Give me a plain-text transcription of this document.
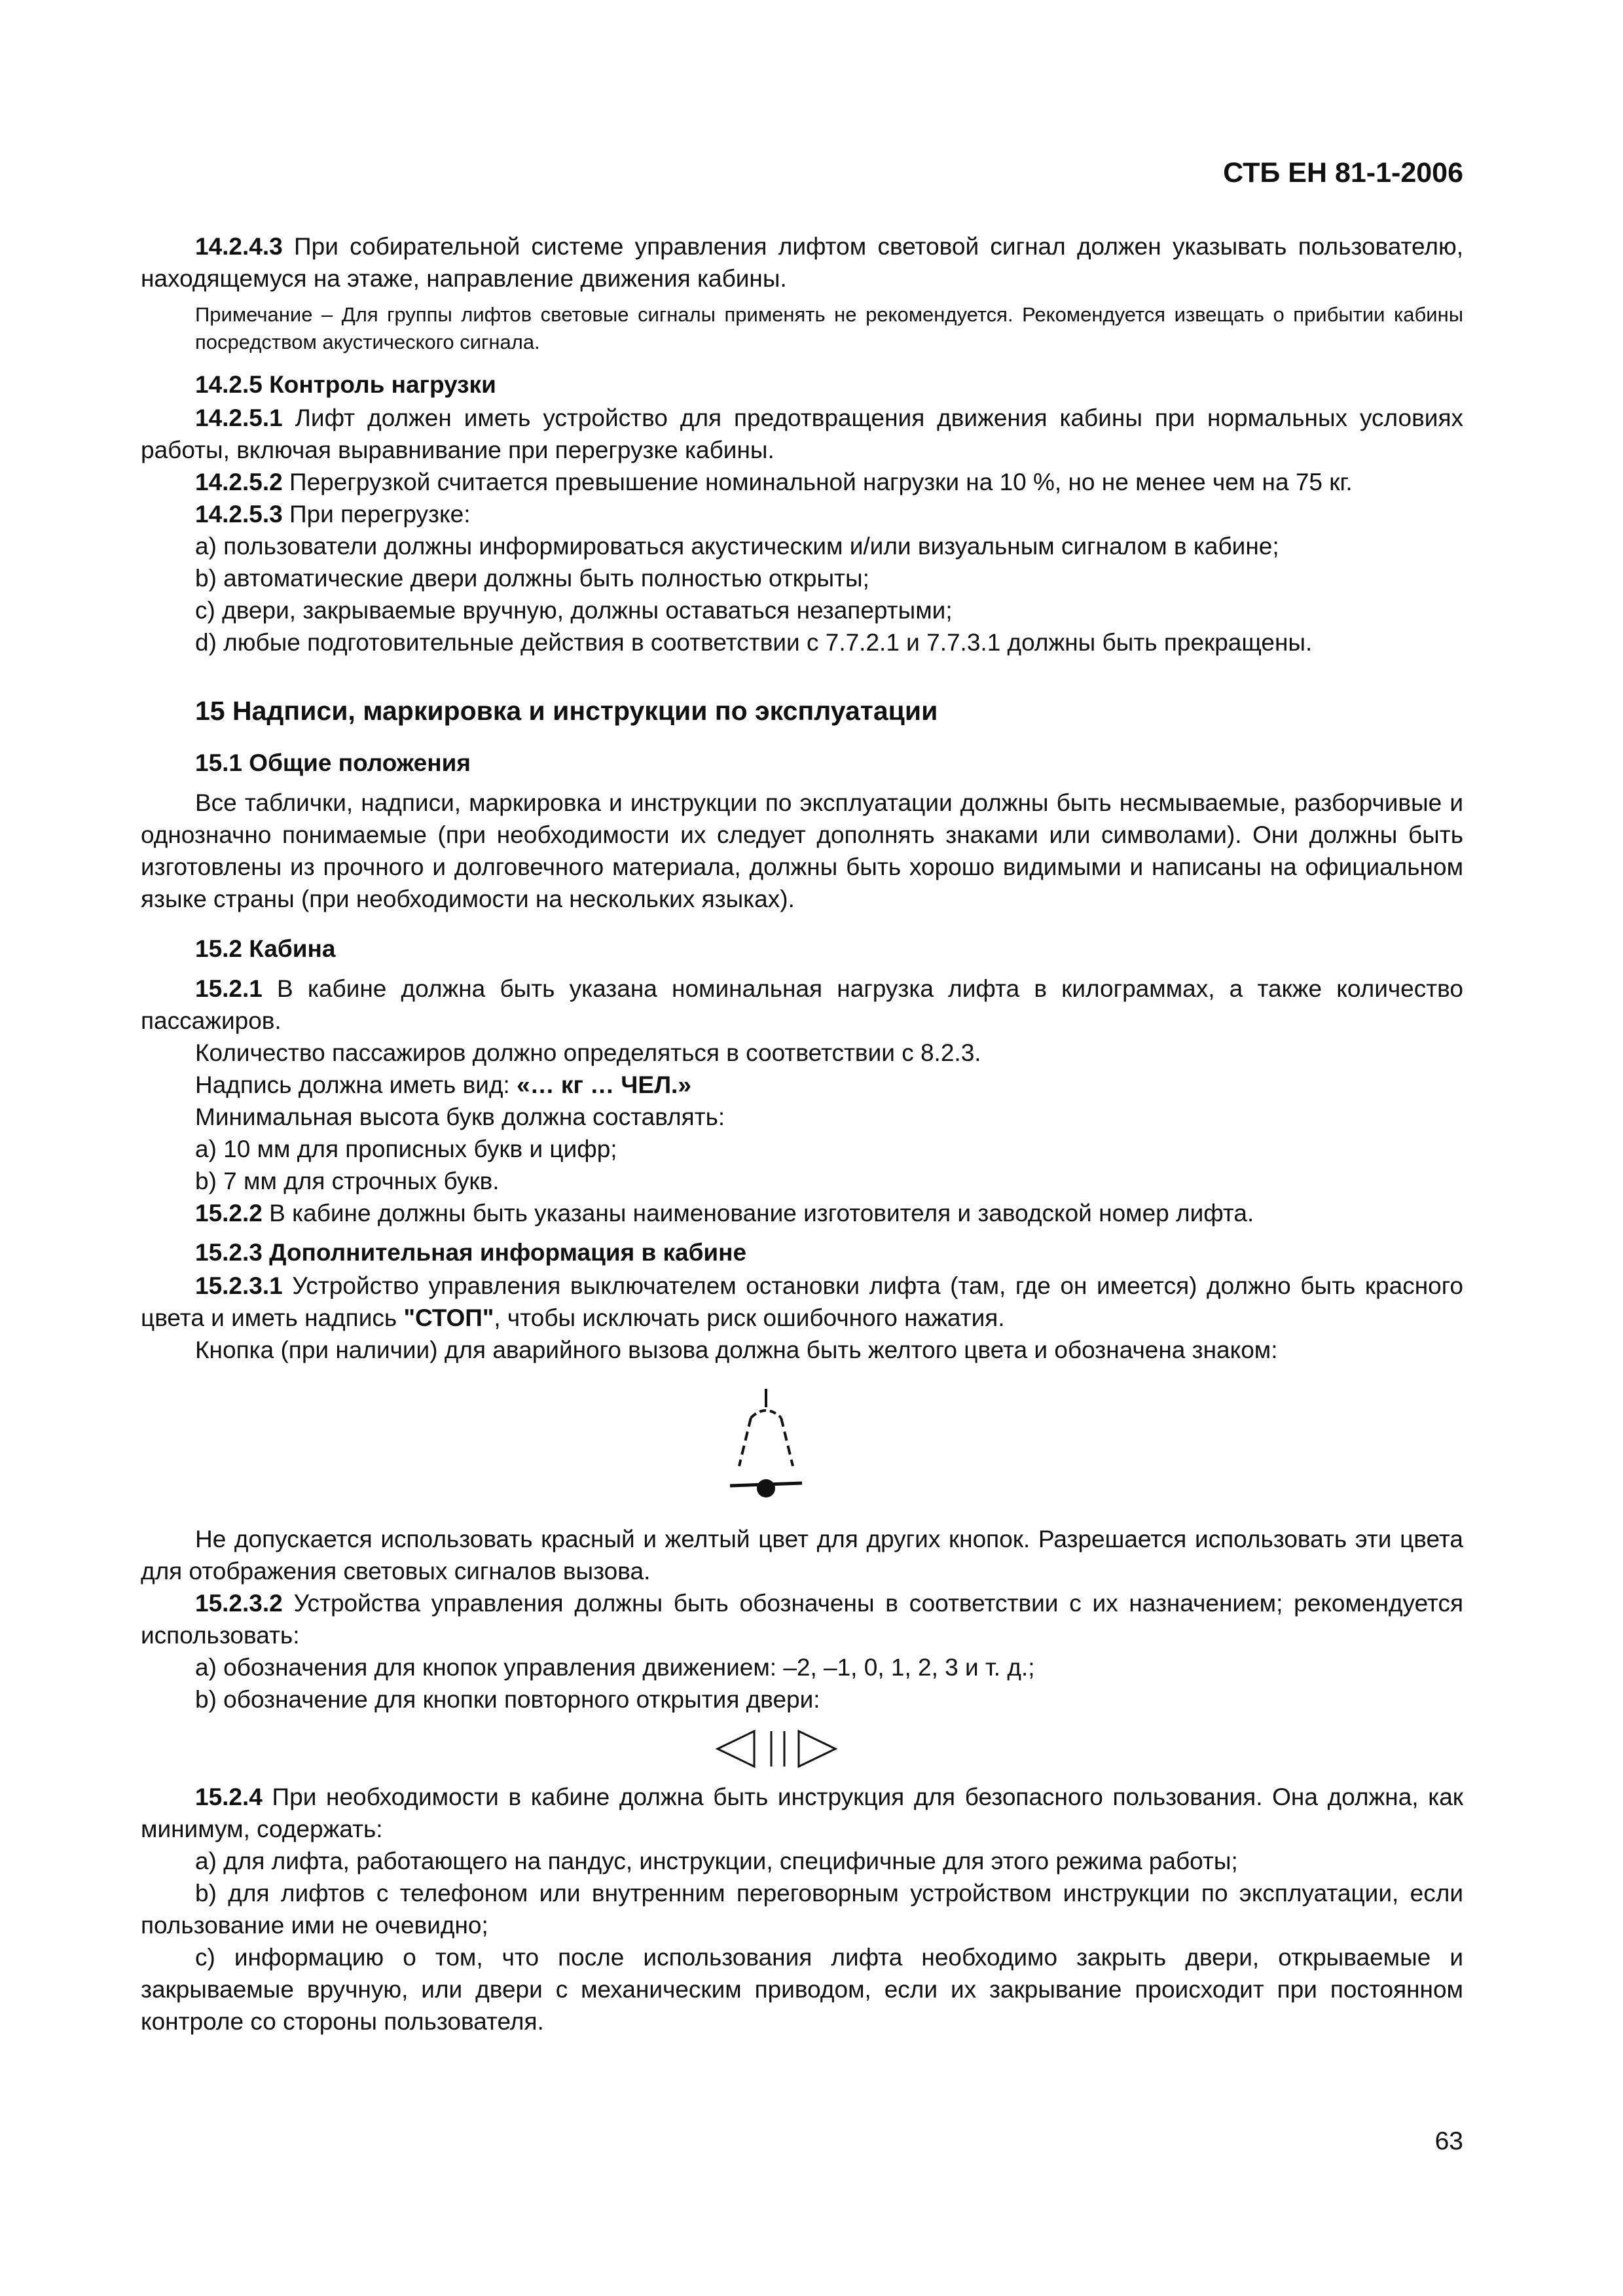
СТБ ЕН 81-1-2006

14.2.4.3 При собирательной системе управления лифтом световой сигнал должен указывать пользователю, находящемуся на этаже, направление движения кабины.

Примечание – Для группы лифтов световые сигналы применять не рекомендуется. Рекомендуется извещать о прибытии кабины посредством акустического сигнала.

14.2.5 Контроль нагрузки

14.2.5.1 Лифт должен иметь устройство для предотвращения движения кабины при нормальных условиях работы, включая выравнивание при перегрузке кабины.

14.2.5.2 Перегрузкой считается превышение номинальной нагрузки на 10 %, но не менее чем на 75 кг.

14.2.5.3 При перегрузке:

a) пользователи должны информироваться акустическим и/или визуальным сигналом в кабине;

b) автоматические двери должны быть полностью открыты;

c) двери, закрываемые вручную, должны оставаться незапертыми;

d) любые подготовительные действия в соответствии с 7.7.2.1 и 7.7.3.1 должны быть прекращены.

15 Надписи, маркировка и инструкции по эксплуатации

15.1 Общие положения

Все таблички, надписи, маркировка и инструкции по эксплуатации должны быть несмываемые, разборчивые и однозначно понимаемые (при необходимости их следует дополнять знаками или символами). Они должны быть изготовлены из прочного и долговечного материала, должны быть хорошо видимыми и написаны на официальном языке страны (при необходимости на нескольких языках).

15.2 Кабина

15.2.1 В кабине должна быть указана номинальная нагрузка лифта в килограммах, а также количество пассажиров.

Количество пассажиров должно определяться в соответствии с 8.2.3.

Надпись должна иметь вид: «… кг … ЧЕЛ.»

Минимальная высота букв должна составлять:

a) 10 мм для прописных букв и цифр;

b) 7 мм для строчных букв.

15.2.2 В кабине должны быть указаны наименование изготовителя и заводской номер лифта.

15.2.3 Дополнительная информация в кабине

15.2.3.1 Устройство управления выключателем остановки лифта (там, где он имеется) должно быть красного цвета и иметь надпись "СТОП", чтобы исключать риск ошибочного нажатия.

Кнопка (при наличии) для аварийного вызова должна быть желтого цвета и обозначена знаком:

Не допускается использовать красный и желтый цвет для других кнопок. Разрешается использовать эти цвета для отображения световых сигналов вызова.

15.2.3.2 Устройства управления должны быть обозначены в соответствии с их назначением; рекомендуется использовать:

a) обозначения для кнопок управления движением: –2, –1, 0, 1, 2, 3 и т. д.;

b) обозначение для кнопки повторного открытия двери:

15.2.4 При необходимости в кабине должна быть инструкция для безопасного пользования. Она должна, как минимум, содержать:

a) для лифта, работающего на пандус, инструкции, специфичные для этого режима работы;

b) для лифтов с телефоном или внутренним переговорным устройством инструкции по эксплуатации, если пользование ими не очевидно;

c) информацию о том, что после использования лифта необходимо закрыть двери, открываемые и закрываемые вручную, или двери с механическим приводом, если их закрывание происходит при постоянном контроле со стороны пользователя.

63
